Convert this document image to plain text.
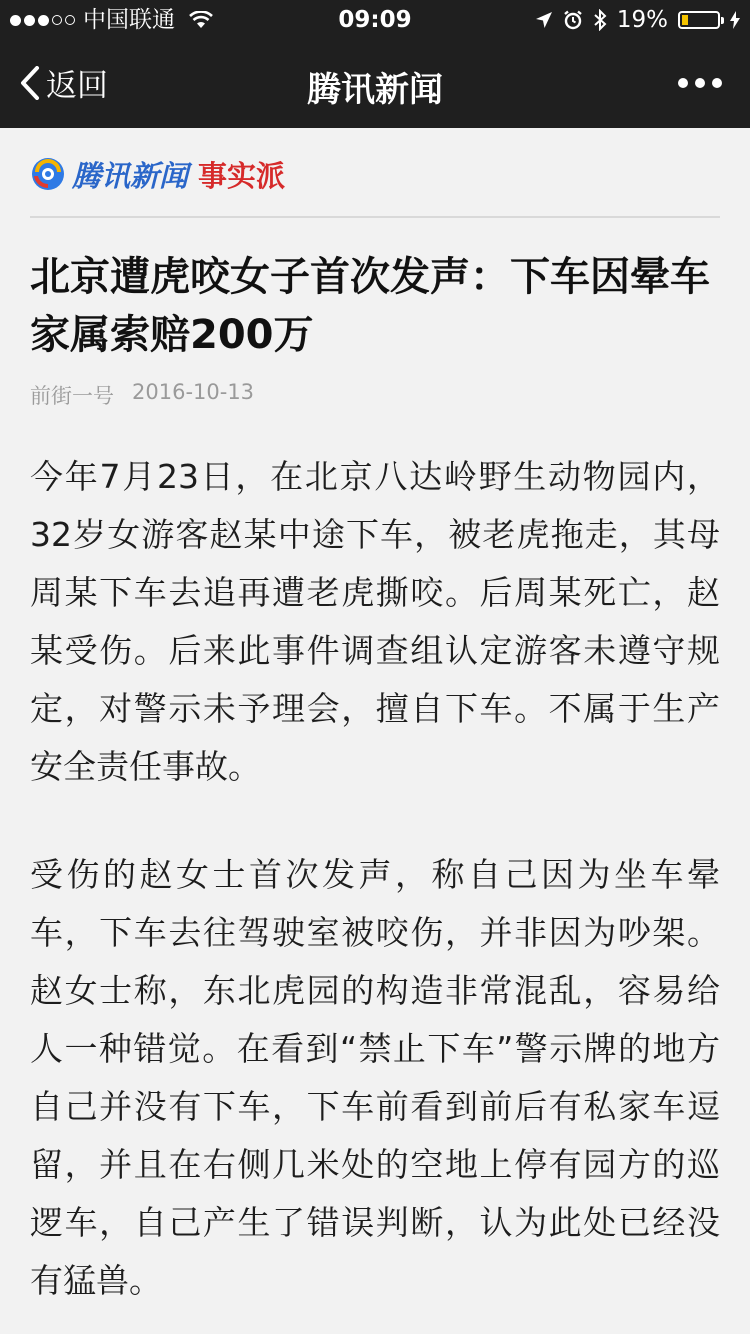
中国联通	09:09	19%
返回	腾讯新闻
腾讯新闻 事实派
北京遭虎咬女子首次发声：下车因晕车 家属索赔200万
前街一号 2016-10-13
今年7月23日，在北京八达岭野生动物园内，32岁女游客赵某中途下车，被老虎拖走，其母周某下车去追再遭老虎撕咬。后周某死亡，赵某受伤。后来此事件调查组认定游客未遵守规定，对警示未予理会，擅自下车。不属于生产安全责任事故。
受伤的赵女士首次发声，称自己因为坐车晕车，下车去往驾驶室被咬伤，并非因为吵架。赵女士称，东北虎园的构造非常混乱，容易给人一种错觉。在看到“禁止下车”警示牌的地方自己并没有下车，下车前看到前后有私家车逗留，并且在右侧几米处的空地上停有园方的巡逻车，自己产生了错误判断，认为此处已经没有猛兽。
